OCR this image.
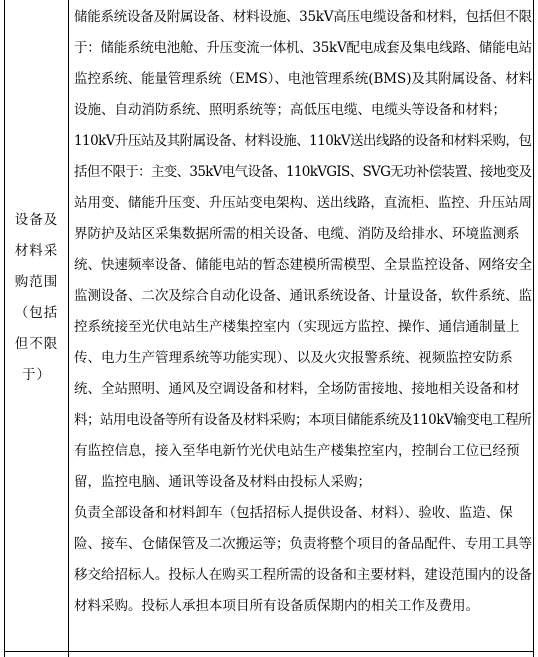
设备及
材料采
购范围
（包括
但不限
于）
储能系统设备及附属设备、材料设施、35kV高压电缆设备和材料，包括但不限
于：储能系统电池舱、升压变流一体机、35kV配电成套及集电线路、储能电站
监控系统、能量管理系统（EMS）、电池管理系统(BMS)及其附属设备、材料
设施、自动消防系统、照明系统等；高低压电缆、电缆头等设备和材料；
110kV升压站及其附属设备、材料设施、110kV送出线路的设备和材料采购，包
括但不限于：主变、35kV电气设备、110kVGIS、SVG无功补偿装置、接地变及
站用变、储能升压变、升压站变电架构、送出线路，直流柜、监控、升压站周
界防护及站区采集数据所需的相关设备、电缆、消防及给排水、环境监测系
统、快速频率设备、储能电站的暂态建模所需模型、全景监控设备、网络安全
监测设备、二次及综合自动化设备、通讯系统设备、计量设备，软件系统、监
控系统接至光伏电站生产楼集控室内（实现远方监控、操作、通信通制量上
传、电力生产管理系统等功能实现）、以及火灾报警系统、视频监控安防系
统、全站照明、通风及空调设备和材料，全场防雷接地、接地相关设备和材
料；站用电设备等所有设备及材料采购；本项目储能系统及110kV输变电工程所
有监控信息，接入至华电新竹光伏电站生产楼集控室内，控制台工位已经预
留，监控电脑、通讯等设备及材料由投标人采购；
负责全部设备和材料卸车（包括招标人提供设备、材料）、验收、监造、保
险、接车、仓储保管及二次搬运等；负责将整个项目的备品配件、专用工具等
移交给招标人。投标人在购买工程所需的设备和主要材料，建设范围内的设备
材料采购。投标人承担本项目所有设备质保期内的相关工作及费用。
